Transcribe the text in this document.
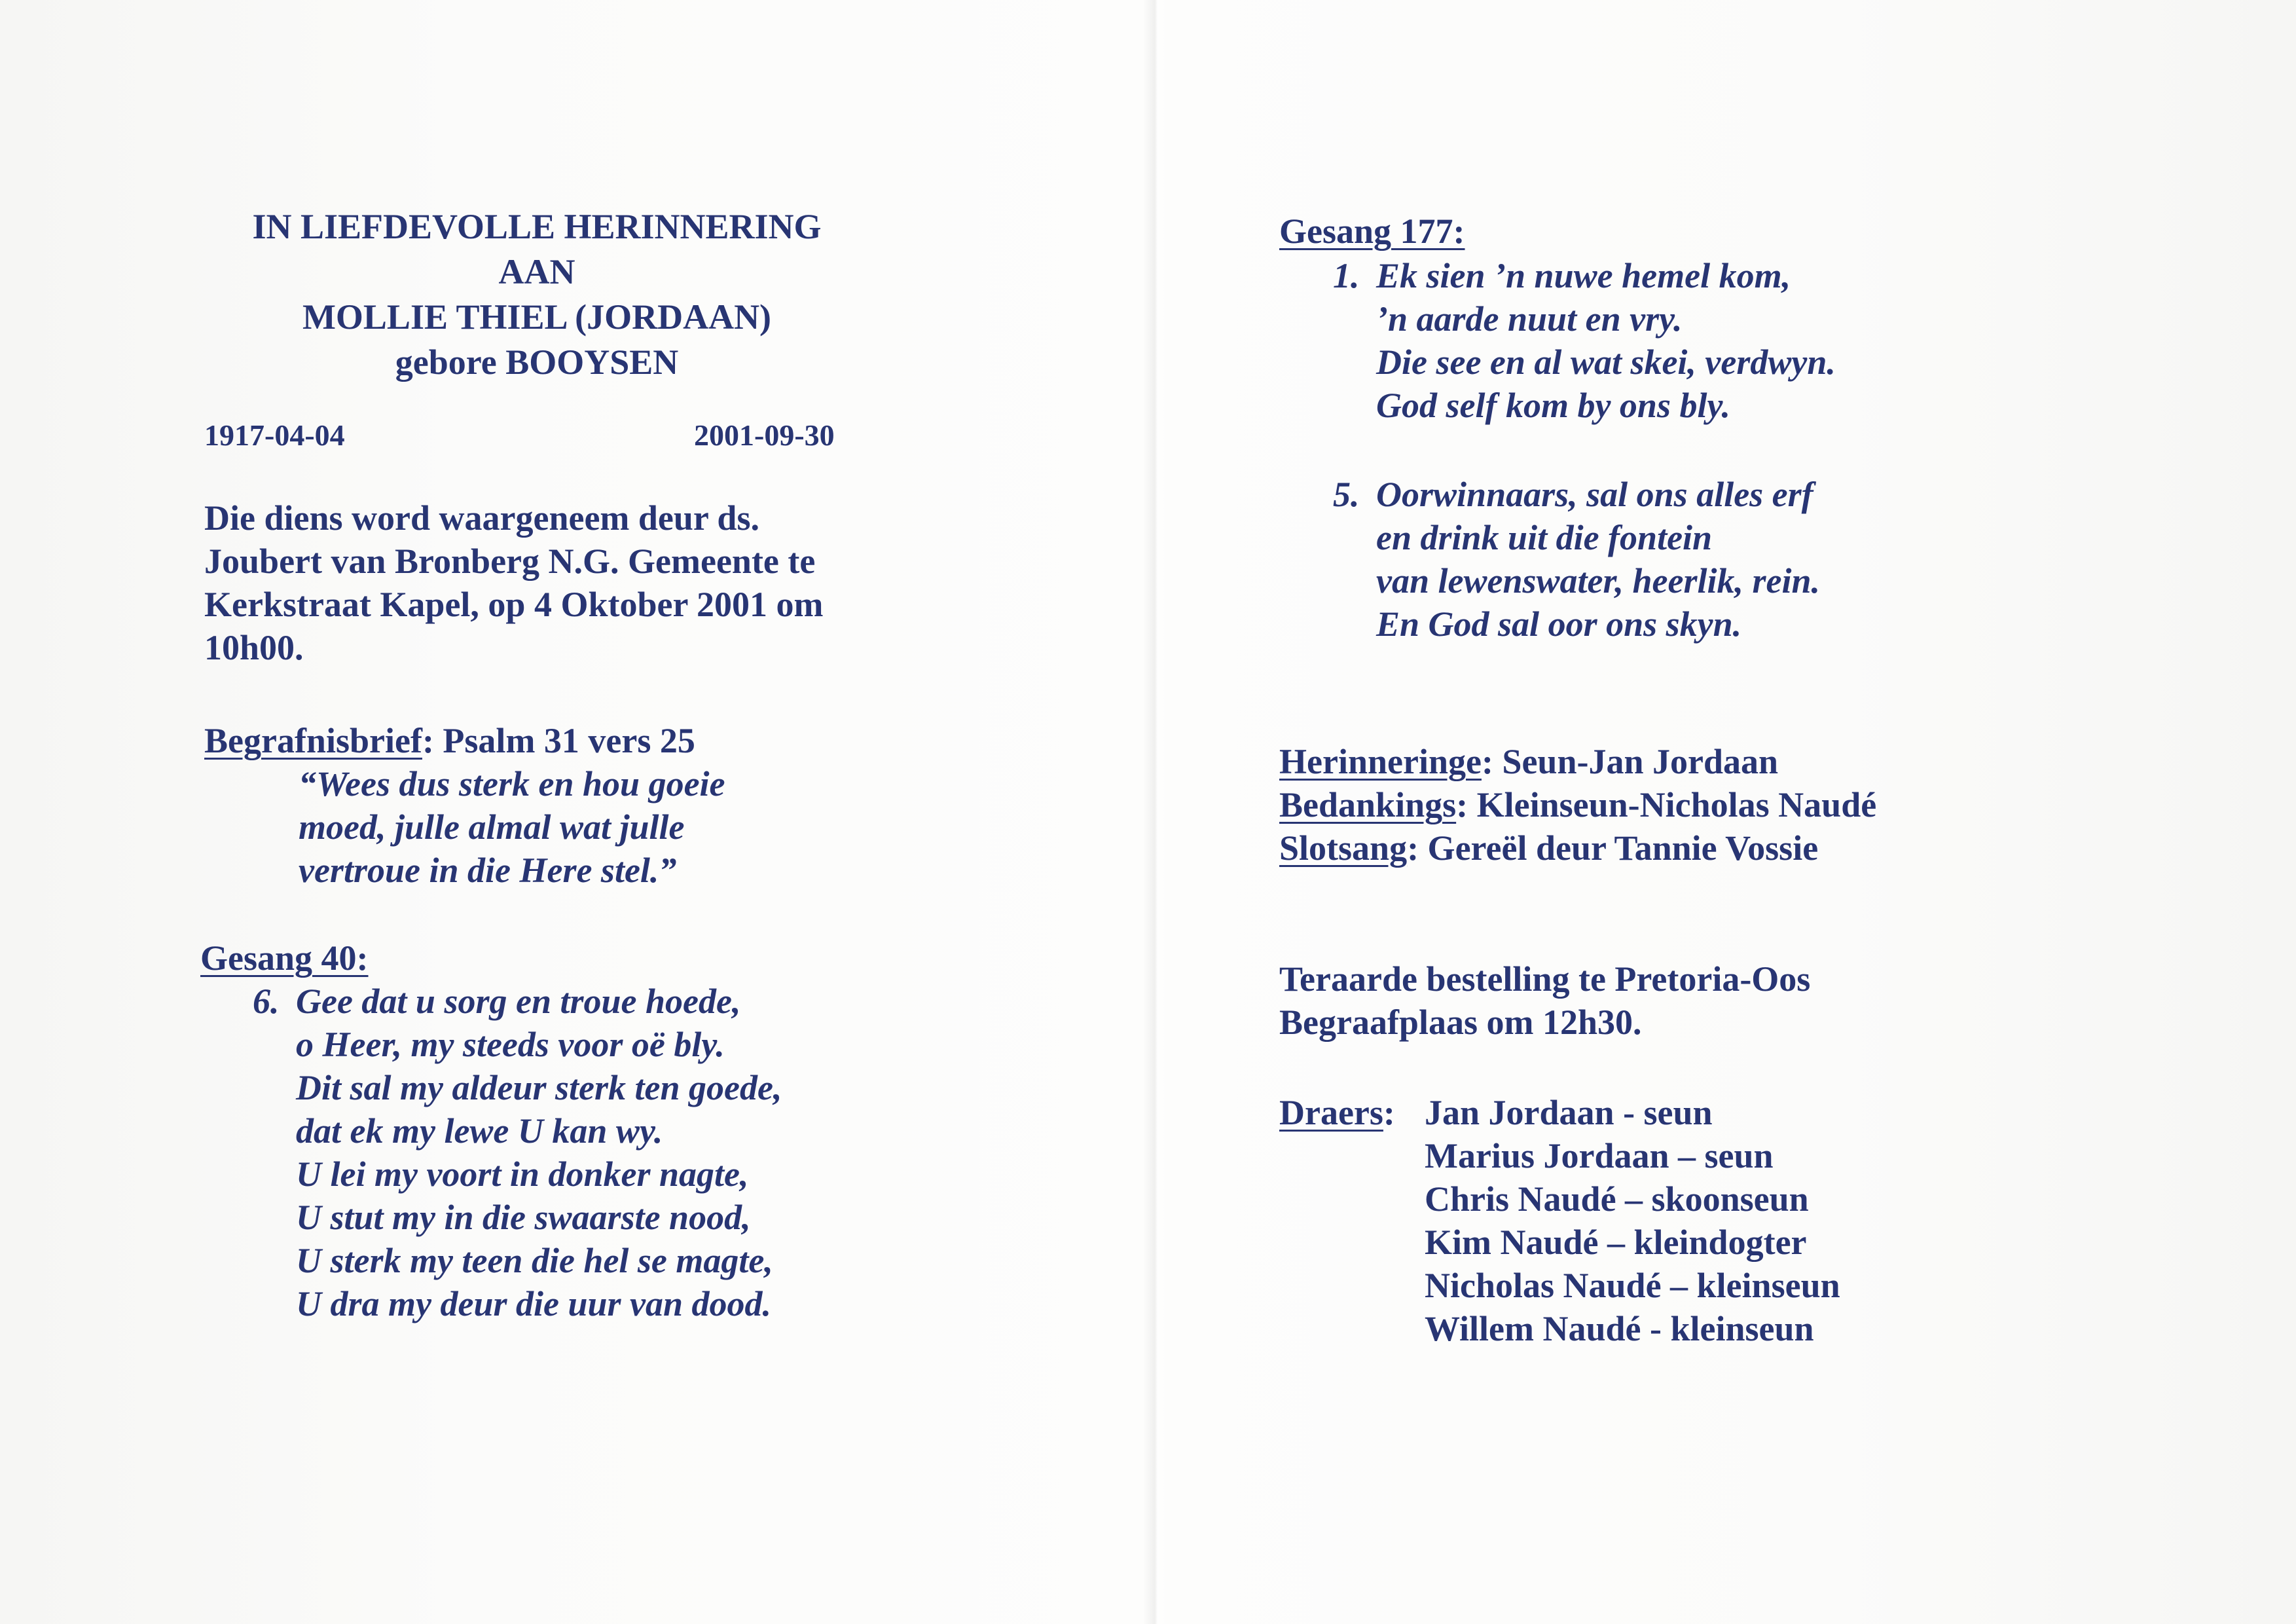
IN LIEFDEVOLLE HERINNERING
AAN
MOLLIE THIEL (JORDAAN)
gebore BOOYSEN
1917-04-04	2001-09-30
Die diens word waargeneem deur ds.
Joubert van Bronberg N.G. Gemeente te
Kerkstraat Kapel, op 4 Oktober 2001 om
10h00.
Begrafnisbrief: Psalm 31 vers 25
“Wees dus sterk en hou goeie
moed, julle almal wat julle
vertroue in die Here stel.”
Gesang 40:
6. Gee dat u sorg en troue hoede,
o Heer, my steeds voor oë bly.
Dit sal my aldeur sterk ten goede,
dat ek my lewe U kan wy.
U lei my voort in donker nagte,
U stut my in die swaarste nood,
U sterk my teen die hel se magte,
U dra my deur die uur van dood.
Gesang 177:
1. Ek sien ’n nuwe hemel kom,
’n aarde nuut en vry.
Die see en al wat skei, verdwyn.
God self kom by ons bly.
5. Oorwinnaars, sal ons alles erf
en drink uit die fontein
van lewenswater, heerlik, rein.
En God sal oor ons skyn.
Herinneringe: Seun-Jan Jordaan
Bedankings: Kleinseun-Nicholas Naudé
Slotsang: Gereël deur Tannie Vossie
Teraarde bestelling te Pretoria-Oos
Begraafplaas om 12h30.
Draers: Jan Jordaan - seun
Marius Jordaan – seun
Chris Naudé – skoonseun
Kim Naudé – kleindogter
Nicholas Naudé – kleinseun
Willem Naudé - kleinseun
